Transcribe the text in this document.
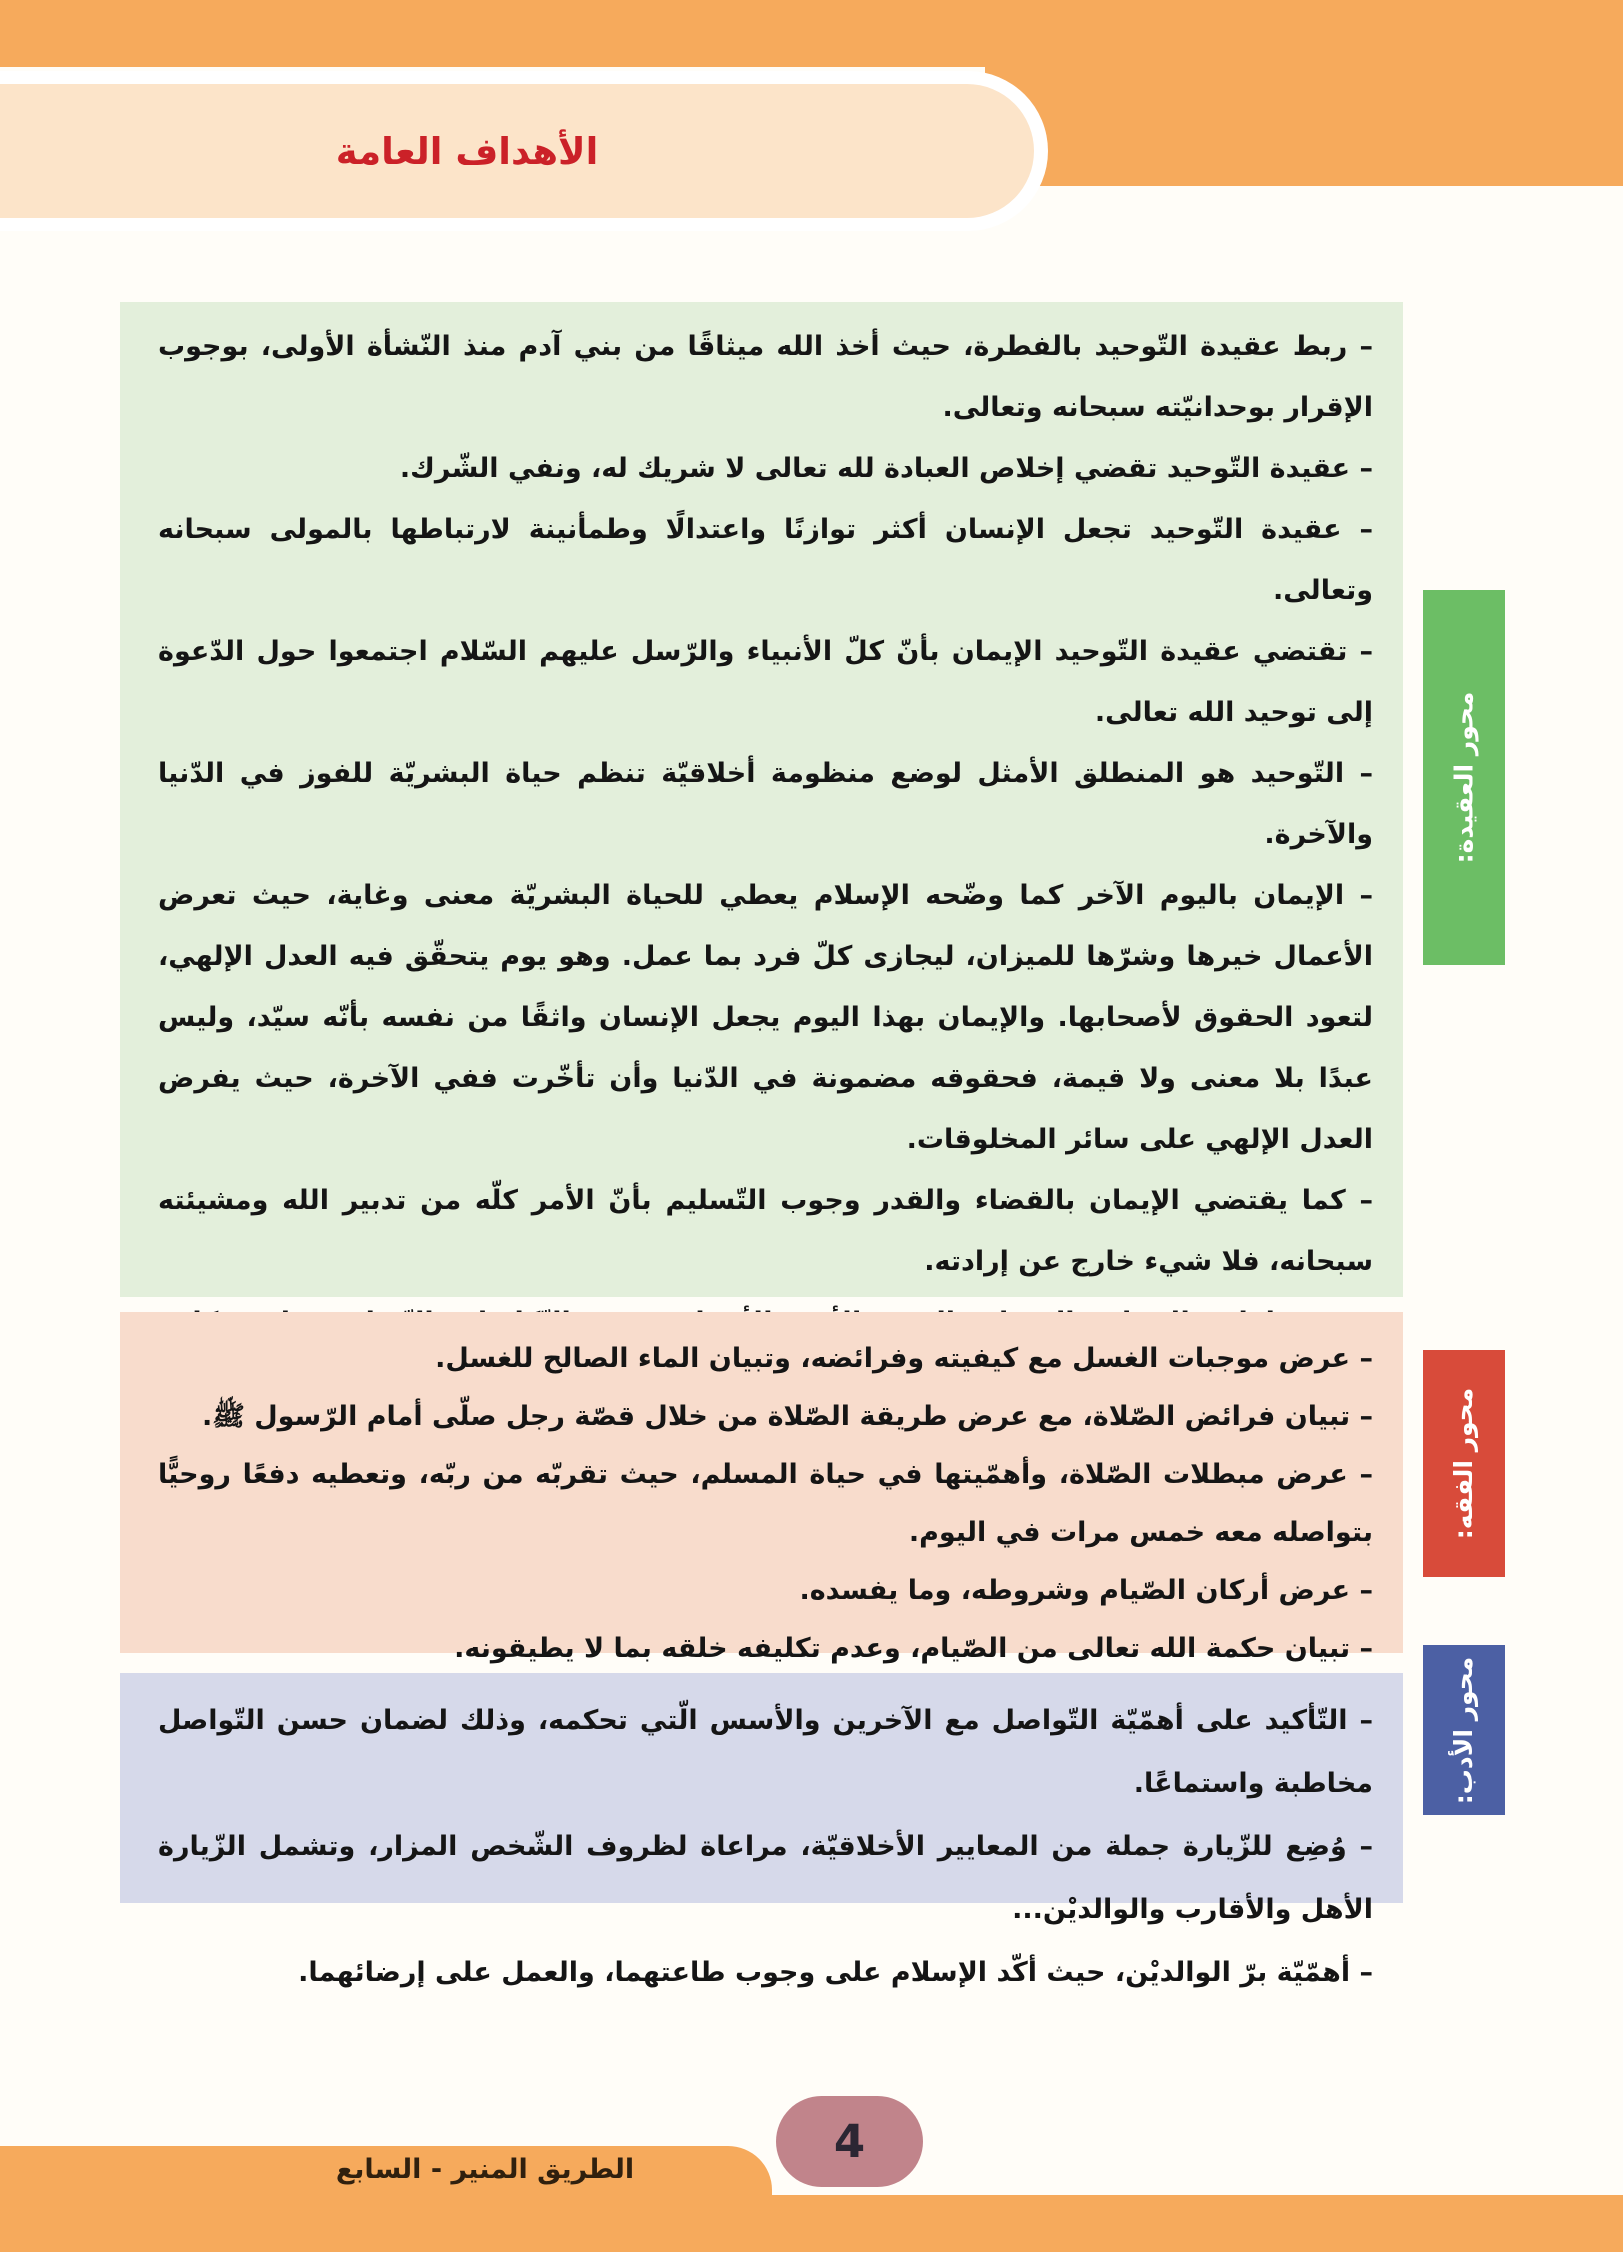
الأهداف العامة

– ربط عقيدة التّوحيد بالفطرة، حيث أخذ الله ميثاقًا من بني آدم منذ النّشأة الأولى، بوجوب الإقرار بوحدانيّته سبحانه وتعالى.

– عقيدة التّوحيد تقضي إخلاص العبادة لله تعالى لا شريك له، ونفي الشّرك.

– عقيدة التّوحيد تجعل الإنسان أكثر توازنًا واعتدالًا وطمأنينة لارتباطها بالمولى سبحانه وتعالى.

– تقتضي عقيدة التّوحيد الإيمان بأنّ كلّ الأنبياء والرّسل عليهم السّلام اجتمعوا حول الدّعوة إلى توحيد الله تعالى.

– التّوحيد هو المنطلق الأمثل لوضع منظومة أخلاقيّة تنظم حياة البشريّة للفوز في الدّنيا والآخرة.

– الإيمان باليوم الآخر كما وضّحه الإسلام يعطي للحياة البشريّة معنى وغاية، حيث تعرض الأعمال خيرها وشرّها للميزان، ليجازى كلّ فرد بما عمل. وهو يوم يتحقّق فيه العدل الإلهي، لتعود الحقوق لأصحابها. والإيمان بهذا اليوم يجعل الإنسان واثقًا من نفسه بأنّه سيّد، وليس عبدًا بلا معنى ولا قيمة، فحقوقه مضمونة في الدّنيا وأن تأخّرت ففي الآخرة، حيث يفرض العدل الإلهي على سائر المخلوقات.

– كما يقتضي الإيمان بالقضاء والقدر وجوب التّسليم بأنّ الأمر كلّه من تدبير الله ومشيئته سبحانه، فلا شيء خارج عن إرادته.

محور العقيدة:

– عرض موجبات الغسل مع كيفيته وفرائضه، وتبيان الماء الصالح للغسل.

– تبيان فرائض الصّلاة، مع عرض طريقة الصّلاة من خلال قصّة رجل صلّى أمام الرّسول ﷺ.

– عرض مبطلات الصّلاة، وأهمّيتها في حياة المسلم، حيث تقربّه من ربّه، وتعطيه دفعًا روحيًّا بتواصله معه خمس مرات في اليوم.

– عرض أركان الصّيام وشروطه، وما يفسده.

– تبيان حكمة الله تعالى من الصّيام، وعدم تكليفه خلقه بما لا يطيقونه.

محور الفقه:

– التّأكيد على أهمّيّة التّواصل مع الآخرين والأسس الّتي تحكمه، وذلك لضمان حسن التّواصل مخاطبة واستماعًا.

– وُضِع للزّيارة جملة من المعايير الأخلاقيّة، مراعاة لظروف الشّخص المزار، وتشمل الزّيارة الأهل والأقارب والوالديْن...

– أهمّيّة برّ الوالديْن، حيث أكّد الإسلام على وجوب طاعتهما، والعمل على إرضائهما.

محور الأدب:
4
الطريق المنير - السابع
